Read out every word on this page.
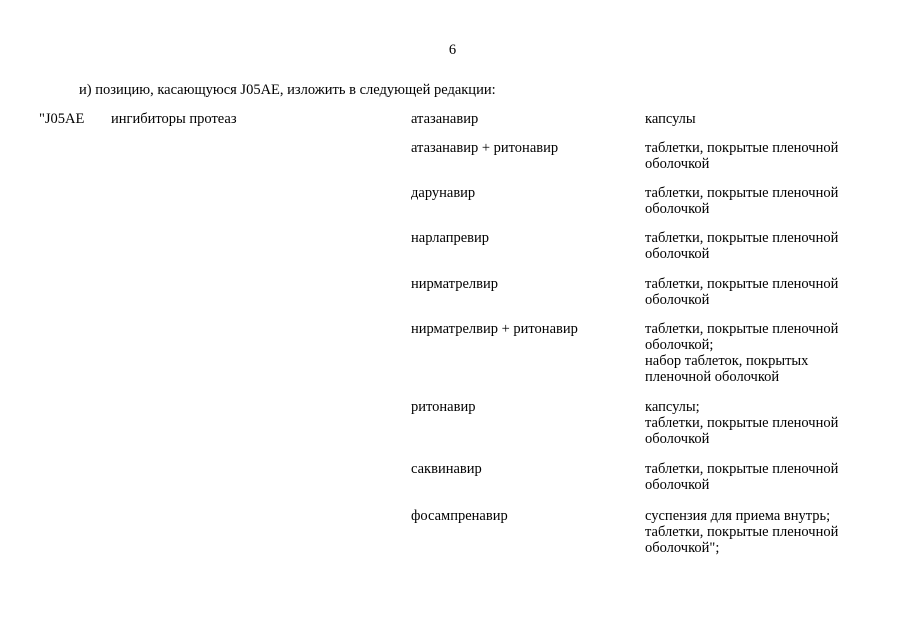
6
и) позицию, касающуюся J05AE, изложить в следующей редакции:
"J05AE ингибиторы протеаз	атазанавир	капсулы
атазанавир + ритонавир	таблетки, покрытые пленочной
оболочкой
дарунавир	таблетки, покрытые пленочной
оболочкой
нарлапревир	таблетки, покрытые пленочной
оболочкой
нирматрелвир	таблетки, покрытые пленочной
оболочкой
нирматрелвир + ритонавир	таблетки, покрытые пленочной
оболочкой;
набор таблеток, покрытых
пленочной оболочкой
ритонавир	капсулы;
таблетки, покрытые пленочной
оболочкой
саквинавир	таблетки, покрытые пленочной
оболочкой
фосампренавир	суспензия для приема внутрь;
таблетки, покрытые пленочной
оболочкой";
